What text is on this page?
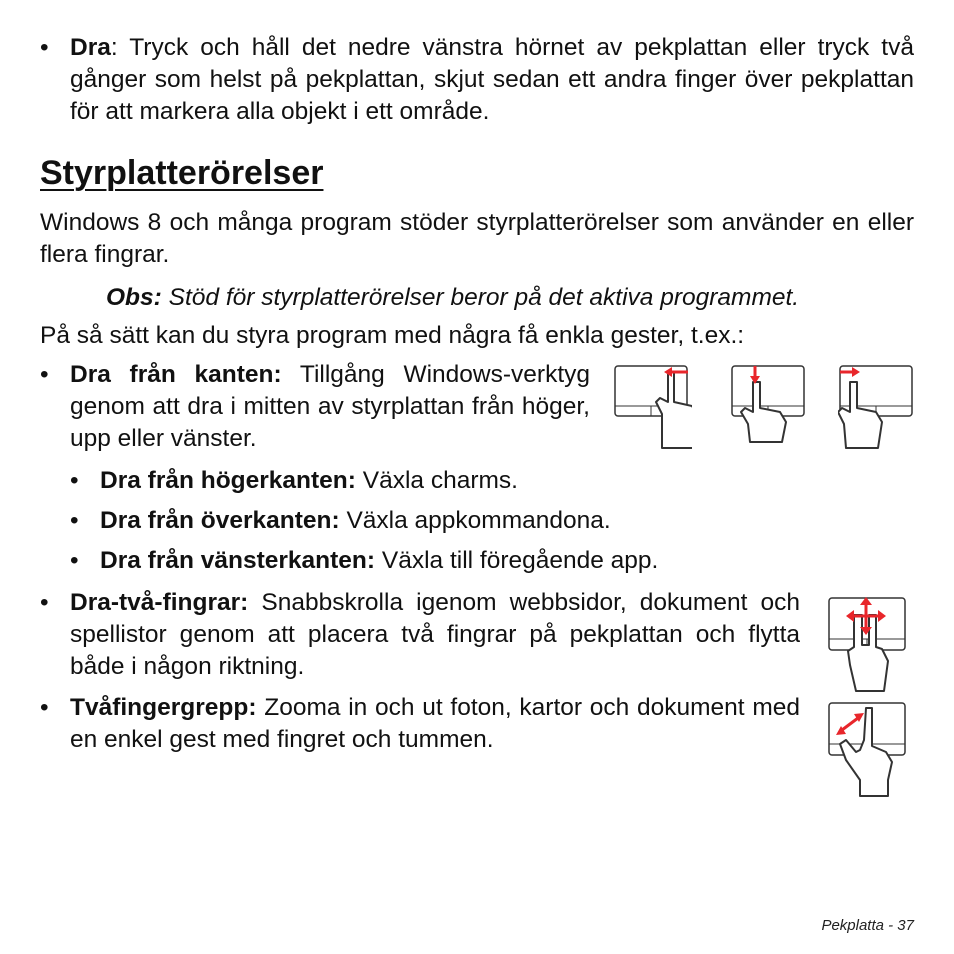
• Dra: Tryck och håll det nedre vänstra hörnet av pekplattan eller tryck två gånger som helst på pekplattan, skjut sedan ett andra finger över pekplattan för att markera alla objekt i ett område.
Styrplatterörelser
Windows 8 och många program stöder styrplatterörelser som använder en eller flera fingrar.
Obs: Stöd för styrplatterörelser beror på det aktiva programmet.
På så sätt kan du styra program med några få enkla gester, t.ex.:
• Dra från kanten: Tillgång Windows-verktyg genom att dra i mitten av styrplattan från höger, upp eller vänster.
• Dra från högerkanten: Växla charms.
• Dra från överkanten: Växla appkommandona.
• Dra från vänsterkanten: Växla till föregående app.
• Dra-två-fingrar: Snabbskrolla igenom webbsidor, dokument och spellistor genom att placera två fingrar på pekplattan och flytta både i någon riktning.
• Tvåfingergrepp: Zooma in och ut foton, kartor och dokument med en enkel gest med fingret och tummen.
Pekplatta - 37
